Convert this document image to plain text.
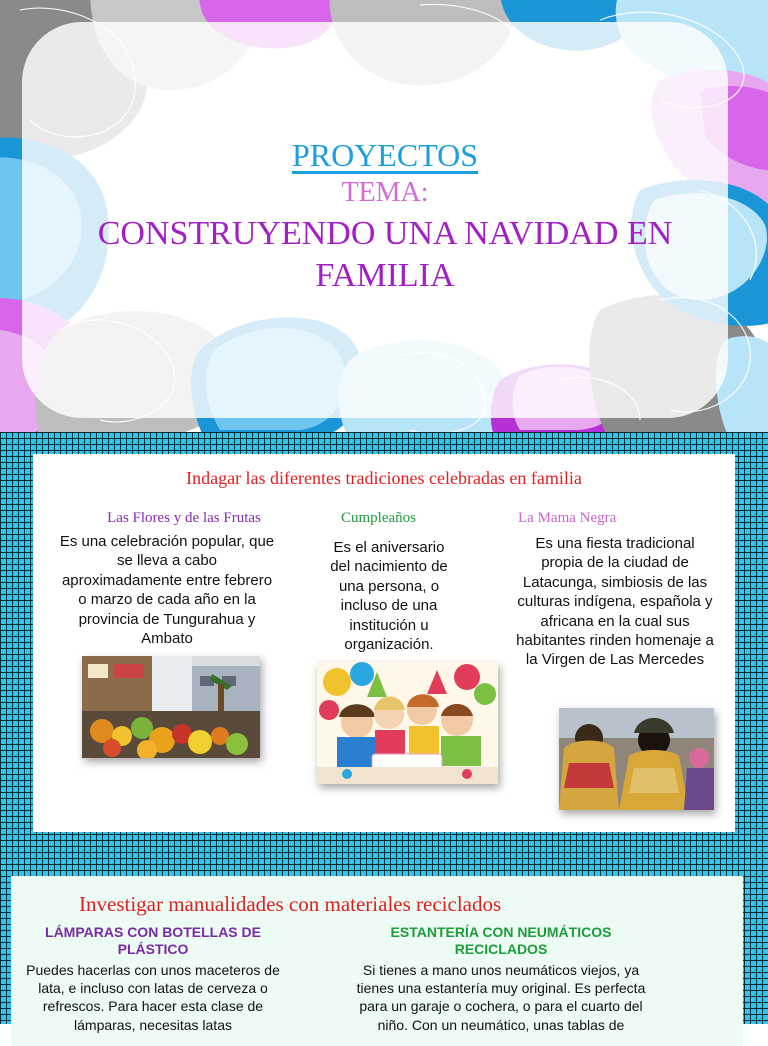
PROYECTOS
TEMA:
CONSTRUYENDO UNA NAVIDAD EN FAMILIA
Indagar las diferentes tradiciones celebradas en familia
Las Flores y de las Frutas
Es una celebración popular, que se lleva a cabo aproximadamente entre febrero o marzo de cada año en la provincia de Tungurahua y Ambato
Cumpleaños
Es el aniversario del nacimiento de una persona, o incluso de una institución u organización.
La Mama Negra
Es una fiesta tradicional propia de la ciudad de Latacunga, simbiosis de las culturas indígena, española y africana en la cual sus habitantes rinden homenaje a la Virgen de Las Mercedes
Investigar manualidades con materiales reciclados
LÁMPARAS CON BOTELLAS DE PLÁSTICO
Puedes hacerlas con unos maceteros de lata, e incluso con latas de cerveza o refrescos. Para hacer esta clase de lámparas, necesitas latas
ESTANTERÍA CON NEUMÁTICOS RECICLADOS
Si tienes a mano unos neumáticos viejos, ya tienes una estantería muy original. Es perfecta para un garaje o cochera, o para el cuarto del niño. Con un neumático, unas tablas de
